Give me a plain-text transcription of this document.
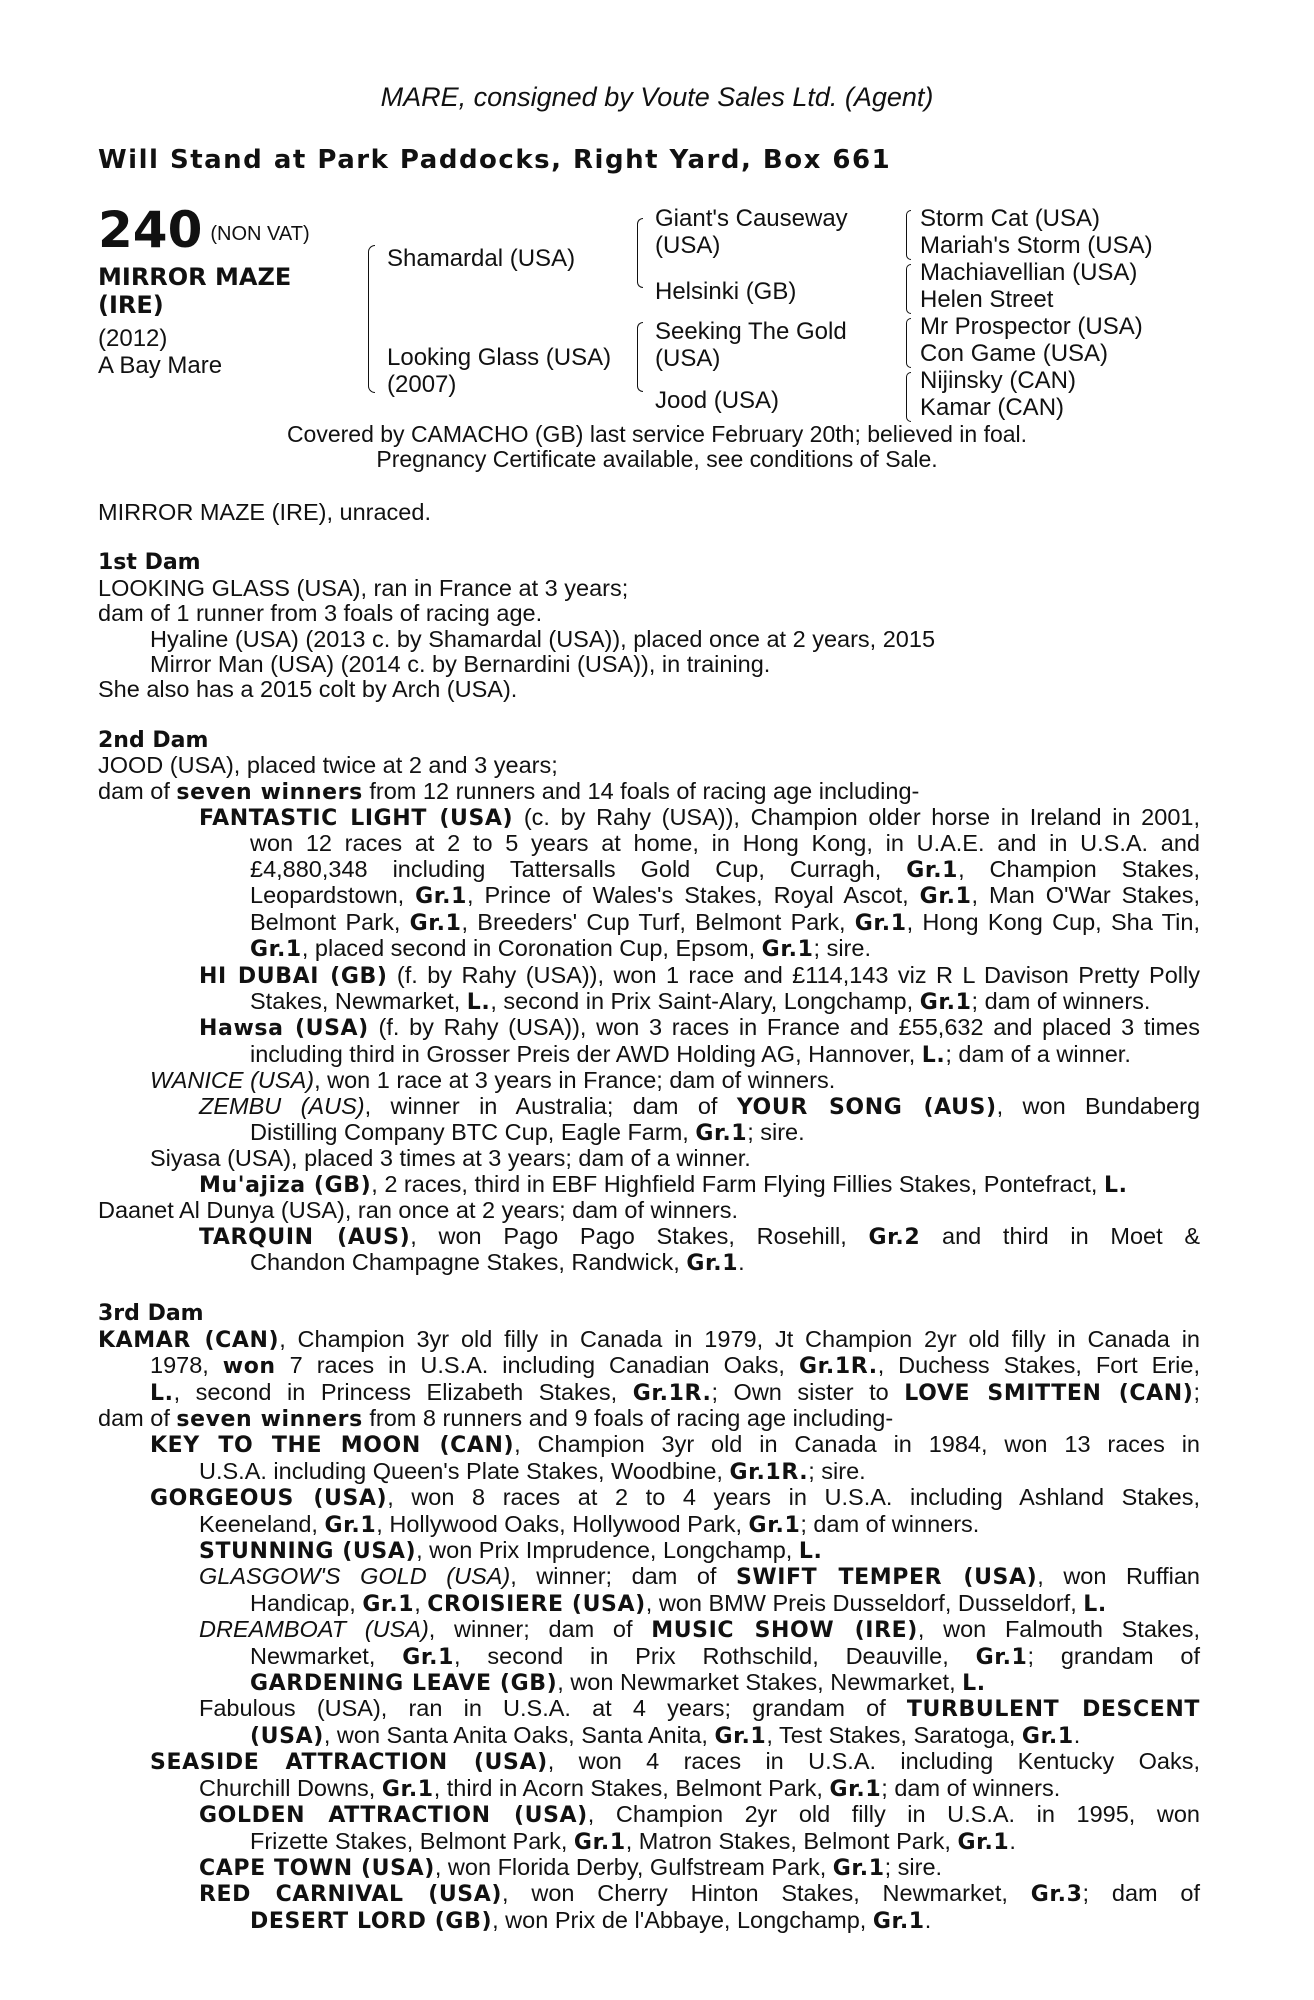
MARE, consigned by Voute Sales Ltd. (Agent)
Will Stand at Park Paddocks, Right Yard, Box 661
240 (NON VAT)
MIRROR MAZE
(IRE)
(2012)
A Bay Mare
Shamardal (USA)
Looking Glass (USA)
(2007)
Giant's Causeway
(USA)
Helsinki (GB)
Seeking The Gold
(USA)
Jood (USA)
Storm Cat (USA)
Mariah's Storm (USA)
Machiavellian (USA)
Helen Street
Mr Prospector (USA)
Con Game (USA)
Nijinsky (CAN)
Kamar (CAN)
Covered by CAMACHO (GB) last service February 20th; believed in foal.
Pregnancy Certificate available, see conditions of Sale.
MIRROR MAZE (IRE), unraced.
1st Dam
LOOKING GLASS (USA), ran in France at 3 years;
dam of 1 runner from 3 foals of racing age.
Hyaline (USA) (2013 c. by Shamardal (USA)), placed once at 2 years, 2015
Mirror Man (USA) (2014 c. by Bernardini (USA)), in training.
She also has a 2015 colt by Arch (USA).
2nd Dam
JOOD (USA), placed twice at 2 and 3 years;
dam of seven winners from 12 runners and 14 foals of racing age including-
FANTASTIC LIGHT (USA) (c. by Rahy (USA)), Champion older horse in Ireland in 2001,
won 12 races at 2 to 5 years at home, in Hong Kong, in U.A.E. and in U.S.A. and
£4,880,348 including Tattersalls Gold Cup, Curragh, Gr.1, Champion Stakes,
Leopardstown, Gr.1, Prince of Wales's Stakes, Royal Ascot, Gr.1, Man O'War Stakes,
Belmont Park, Gr.1, Breeders' Cup Turf, Belmont Park, Gr.1, Hong Kong Cup, Sha Tin,
Gr.1, placed second in Coronation Cup, Epsom, Gr.1; sire.
HI DUBAI (GB) (f. by Rahy (USA)), won 1 race and £114,143 viz R L Davison Pretty Polly
Stakes, Newmarket, L., second in Prix Saint-Alary, Longchamp, Gr.1; dam of winners.
Hawsa (USA) (f. by Rahy (USA)), won 3 races in France and £55,632 and placed 3 times
including third in Grosser Preis der AWD Holding AG, Hannover, L.; dam of a winner.
WANICE (USA), won 1 race at 3 years in France; dam of winners.
ZEMBU (AUS), winner in Australia; dam of YOUR SONG (AUS), won Bundaberg
Distilling Company BTC Cup, Eagle Farm, Gr.1; sire.
Siyasa (USA), placed 3 times at 3 years; dam of a winner.
Mu'ajiza (GB), 2 races, third in EBF Highfield Farm Flying Fillies Stakes, Pontefract, L.
Daanet Al Dunya (USA), ran once at 2 years; dam of winners.
TARQUIN (AUS), won Pago Pago Stakes, Rosehill, Gr.2 and third in Moet &
Chandon Champagne Stakes, Randwick, Gr.1.
3rd Dam
KAMAR (CAN), Champion 3yr old filly in Canada in 1979, Jt Champion 2yr old filly in Canada in
1978, won 7 races in U.S.A. including Canadian Oaks, Gr.1R., Duchess Stakes, Fort Erie,
L., second in Princess Elizabeth Stakes, Gr.1R.; Own sister to LOVE SMITTEN (CAN);
dam of seven winners from 8 runners and 9 foals of racing age including-
KEY TO THE MOON (CAN), Champion 3yr old in Canada in 1984, won 13 races in
U.S.A. including Queen's Plate Stakes, Woodbine, Gr.1R.; sire.
GORGEOUS (USA), won 8 races at 2 to 4 years in U.S.A. including Ashland Stakes,
Keeneland, Gr.1, Hollywood Oaks, Hollywood Park, Gr.1; dam of winners.
STUNNING (USA), won Prix Imprudence, Longchamp, L.
GLASGOW'S GOLD (USA), winner; dam of SWIFT TEMPER (USA), won Ruffian
Handicap, Gr.1, CROISIERE (USA), won BMW Preis Dusseldorf, Dusseldorf, L.
DREAMBOAT (USA), winner; dam of MUSIC SHOW (IRE), won Falmouth Stakes,
Newmarket, Gr.1, second in Prix Rothschild, Deauville, Gr.1; grandam of
GARDENING LEAVE (GB), won Newmarket Stakes, Newmarket, L.
Fabulous (USA), ran in U.S.A. at 4 years; grandam of TURBULENT DESCENT
(USA), won Santa Anita Oaks, Santa Anita, Gr.1, Test Stakes, Saratoga, Gr.1.
SEASIDE ATTRACTION (USA), won 4 races in U.S.A. including Kentucky Oaks,
Churchill Downs, Gr.1, third in Acorn Stakes, Belmont Park, Gr.1; dam of winners.
GOLDEN ATTRACTION (USA), Champion 2yr old filly in U.S.A. in 1995, won
Frizette Stakes, Belmont Park, Gr.1, Matron Stakes, Belmont Park, Gr.1.
CAPE TOWN (USA), won Florida Derby, Gulfstream Park, Gr.1; sire.
RED CARNIVAL (USA), won Cherry Hinton Stakes, Newmarket, Gr.3; dam of
DESERT LORD (GB), won Prix de l'Abbaye, Longchamp, Gr.1.
